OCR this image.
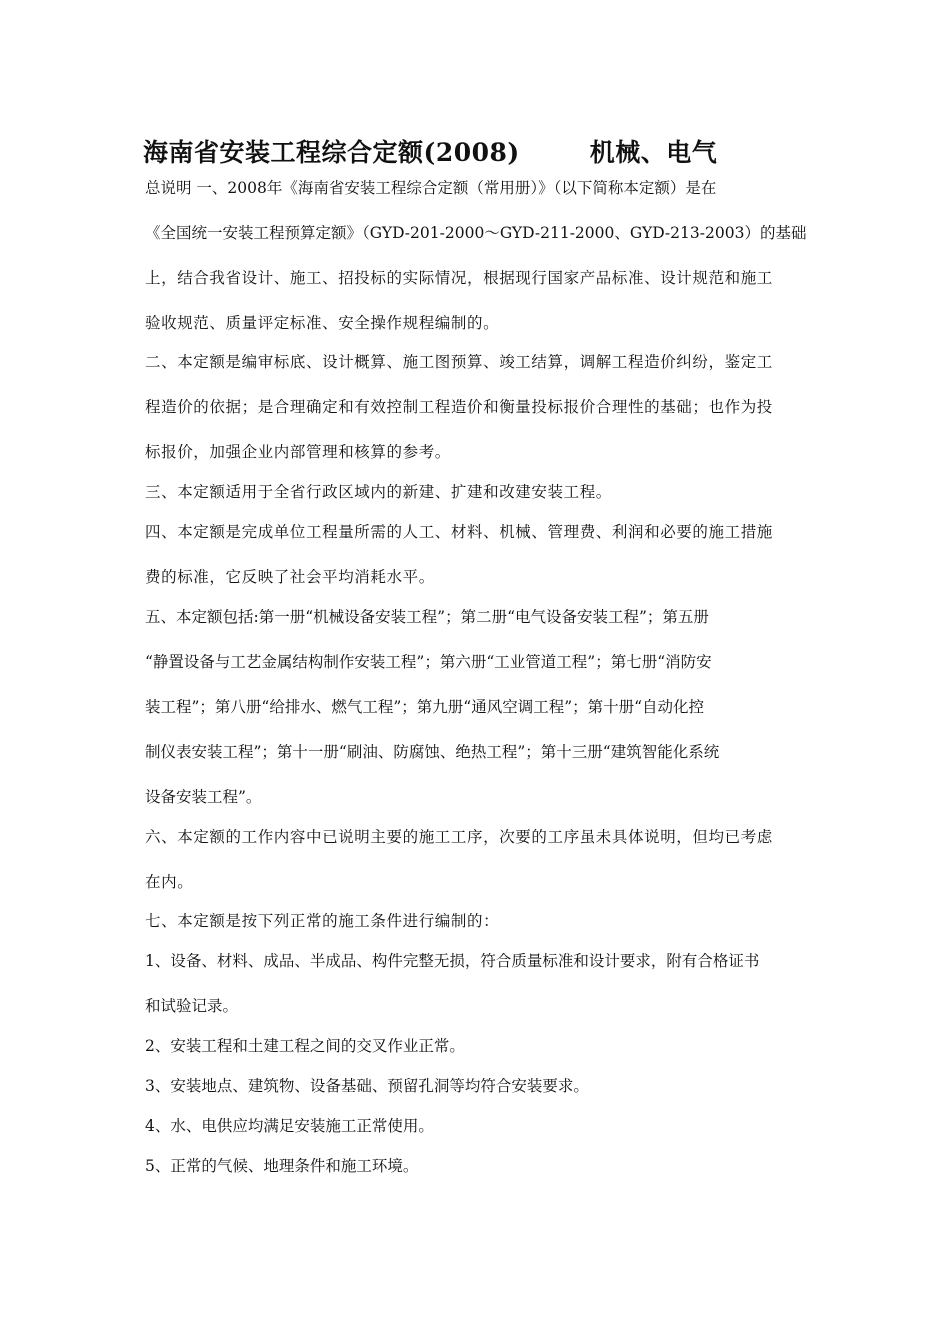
海南省安装工程综合定额(2008)	机械、电气
总说明 一、2008年《海南省安装工程综合定额（常用册）》（以下简称本定额）是在
《全国统一安装工程预算定额》（GYD-201-2000～GYD-211-2000、GYD-213-2003）的基础
上，结合我省设计、施工、招投标的实际情况，根据现行国家产品标准、设计规范和施工
验收规范、质量评定标准、安全操作规程编制的。
二、本定额是编审标底、设计概算、施工图预算、竣工结算，调解工程造价纠纷，鉴定工
程造价的依据；是合理确定和有效控制工程造价和衡量投标报价合理性的基础；也作为投
标报价，加强企业内部管理和核算的参考。
三、本定额适用于全省行政区域内的新建、扩建和改建安装工程。
四、本定额是完成单位工程量所需的人工、材料、机械、管理费、利润和必要的施工措施
费的标准，它反映了社会平均消耗水平。
五、本定额包括:第一册“机械设备安装工程”；第二册“电气设备安装工程”；第五册
“静置设备与工艺金属结构制作安装工程”；第六册“工业管道工程”；第七册“消防安
装工程”；第八册“给排水、燃气工程”；第九册“通风空调工程”；第十册“自动化控
制仪表安装工程”；第十一册“刷油、防腐蚀、绝热工程”；第十三册“建筑智能化系统
设备安装工程”。
六、本定额的工作内容中已说明主要的施工工序，次要的工序虽未具体说明，但均已考虑
在内。
七、本定额是按下列正常的施工条件进行编制的：
1、设备、材料、成品、半成品、构件完整无损，符合质量标准和设计要求，附有合格证书
和试验记录。
2、安装工程和土建工程之间的交叉作业正常。
3、安装地点、建筑物、设备基础、预留孔洞等均符合安装要求。
4、水、电供应均满足安装施工正常使用。
5、正常的气候、地理条件和施工环境。
